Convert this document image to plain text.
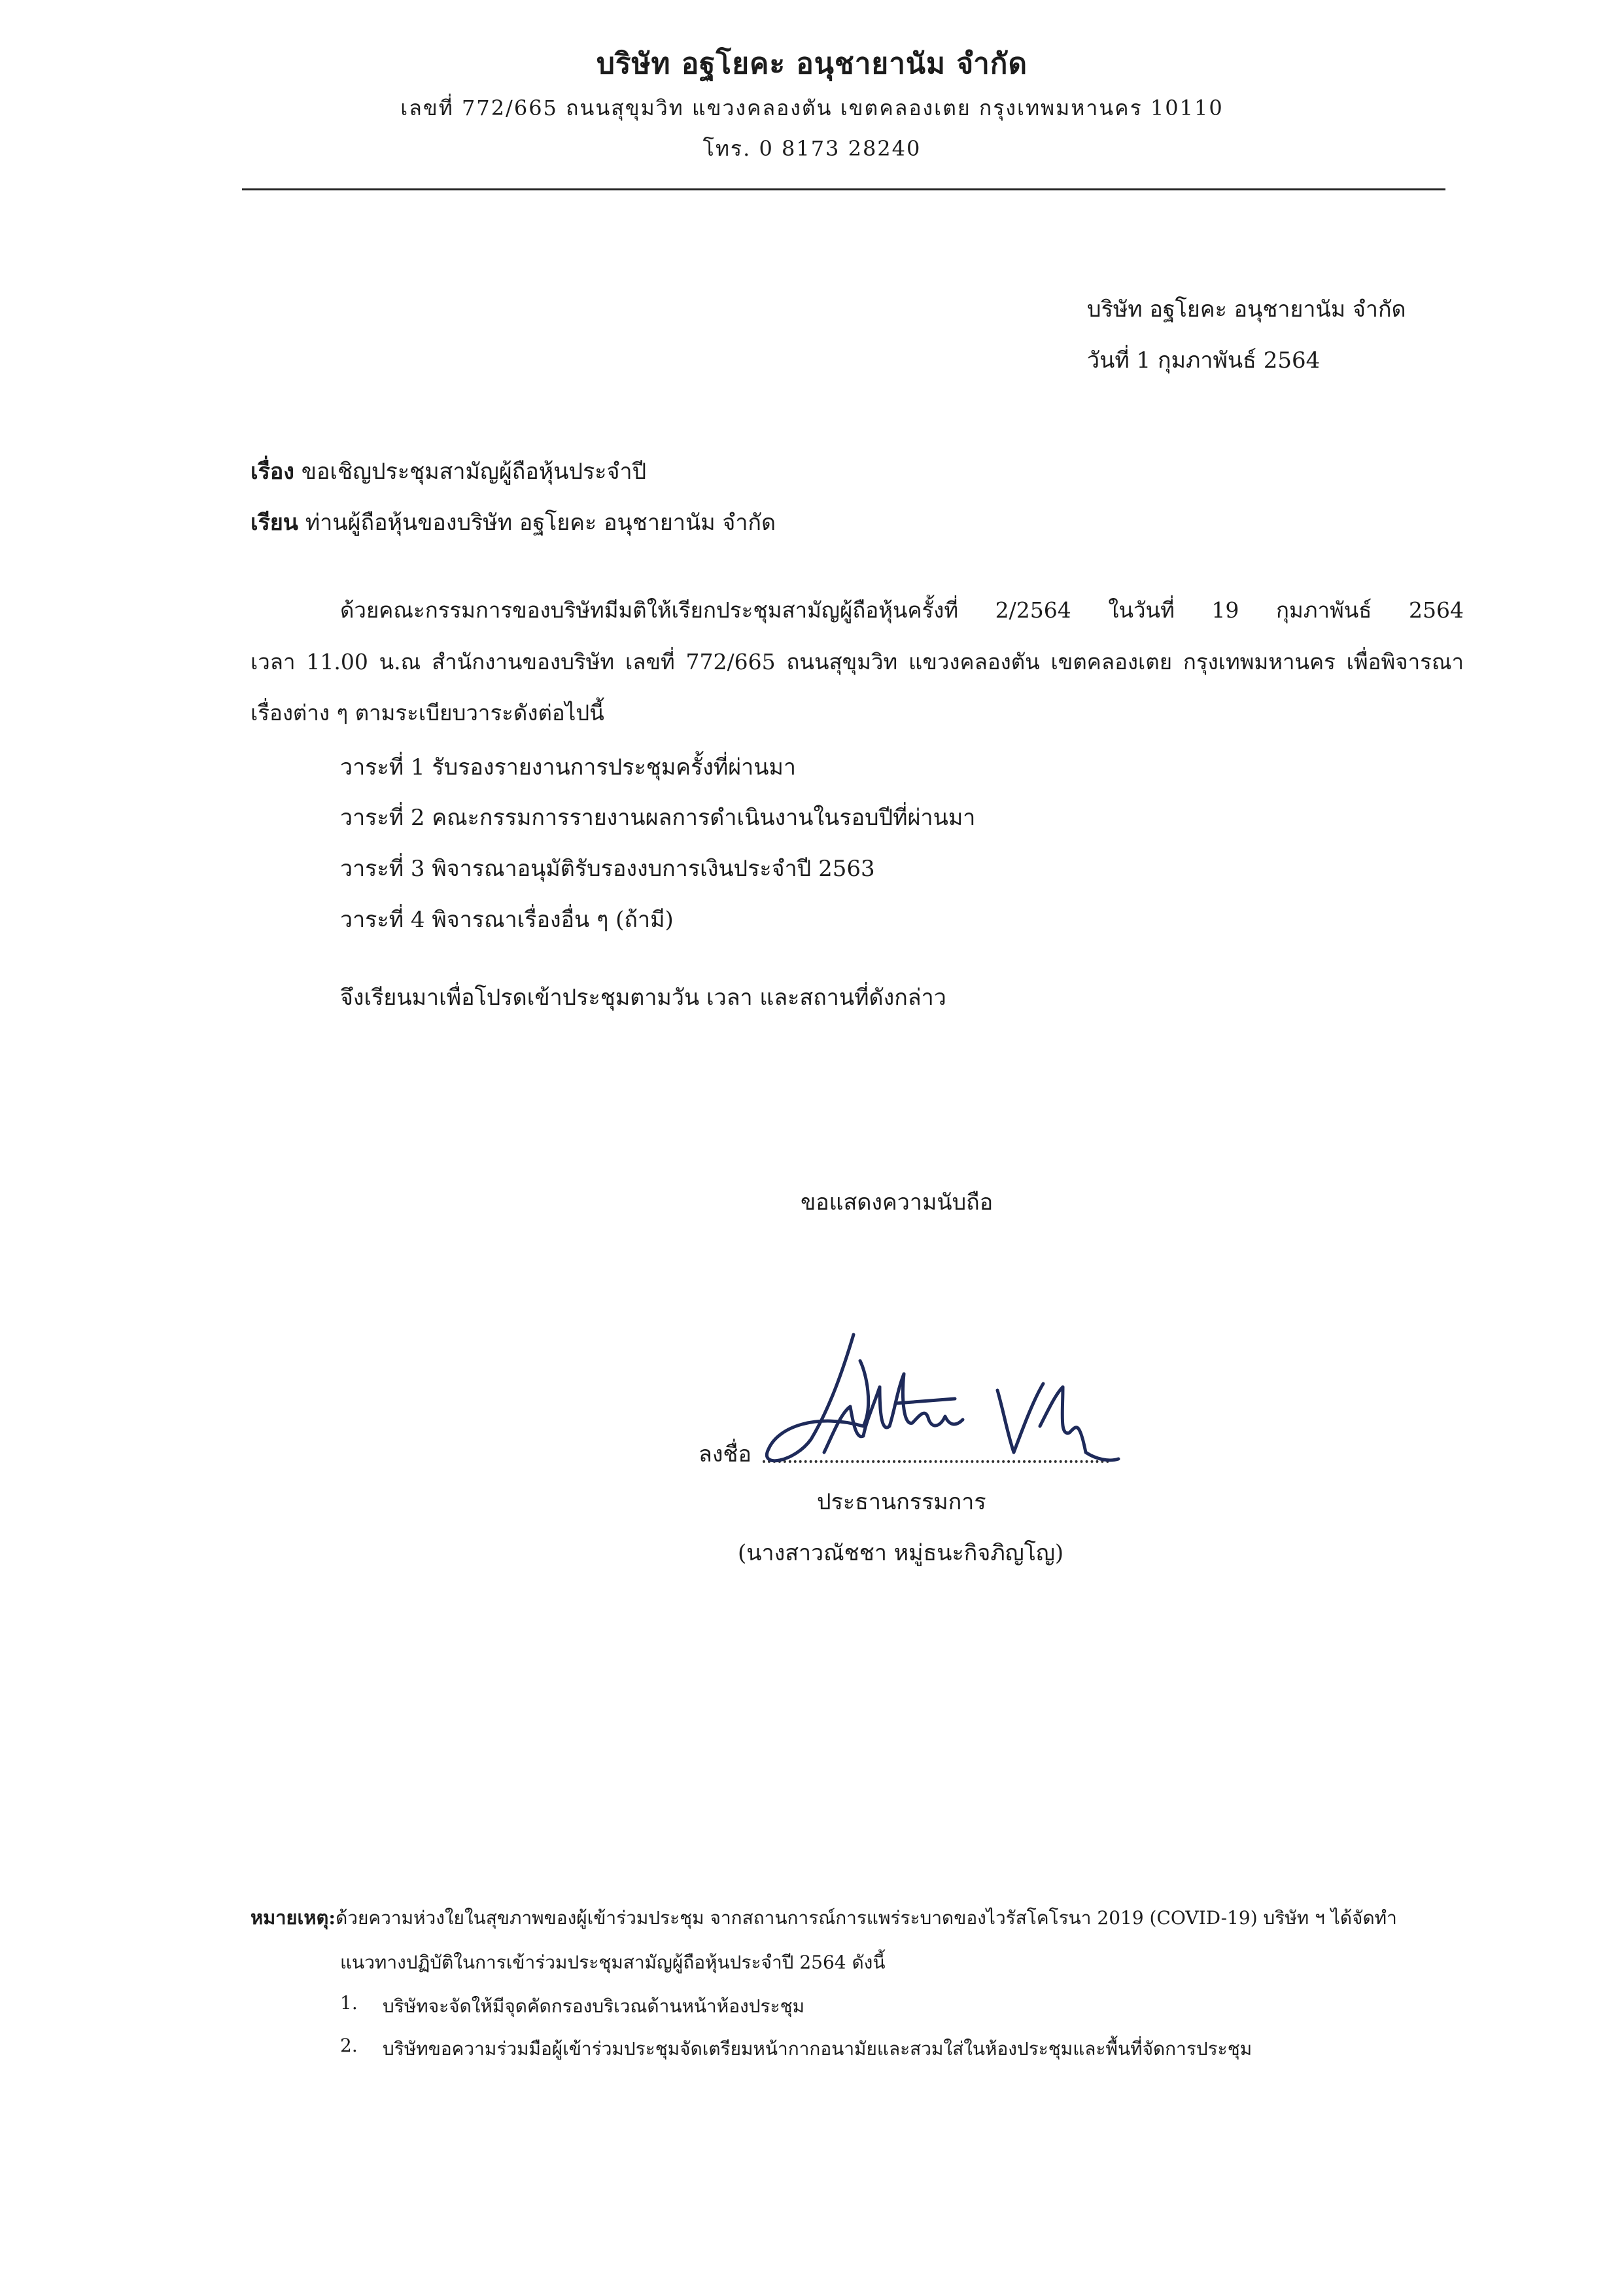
บริษัท อฐโยคะ อนุชายานัม จำกัด
เลขที่ 772/665 ถนนสุขุมวิท แขวงคลองตัน เขตคลองเตย กรุงเทพมหานคร 10110
โทร. 0 8173 28240
บริษัท อฐโยคะ อนุชายานัม จำกัด
วันที่ 1 กุมภาพันธ์ 2564
เรื่อง ขอเชิญประชุมสามัญผู้ถือหุ้นประจำปี
เรียน ท่านผู้ถือหุ้นของบริษัท อฐโยคะ อนุชายานัม จำกัด
ด้วยคณะกรรมการของบริษัทมีมติให้เรียกประชุมสามัญผู้ถือหุ้นครั้งที่ 2/2564 ในวันที่ 19 กุมภาพันธ์ 2564
เวลา 11.00 น.ณ สำนักงานของบริษัท เลขที่ 772/665 ถนนสุขุมวิท แขวงคลองตัน เขตคลองเตย กรุงเทพมหานคร เพื่อพิจารณา
เรื่องต่าง ๆ ตามระเบียบวาระดังต่อไปนี้
วาระที่ 1 รับรองรายงานการประชุมครั้งที่ผ่านมา
วาระที่ 2 คณะกรรมการรายงานผลการดำเนินงานในรอบปีที่ผ่านมา
วาระที่ 3 พิจารณาอนุมัติรับรองงบการเงินประจำปี 2563
วาระที่ 4 พิจารณาเรื่องอื่น ๆ (ถ้ามี)
จึงเรียนมาเพื่อโปรดเข้าประชุมตามวัน เวลา และสถานที่ดังกล่าว
ขอแสดงความนับถือ
ลงชื่อ
ประธานกรรมการ
(นางสาวณัชชา หมู่ธนะกิจภิญโญ)
หมายเหตุ:ด้วยความห่วงใยในสุขภาพของผู้เข้าร่วมประชุม จากสถานการณ์การแพร่ระบาดของไวรัสโคโรนา 2019 (COVID-19) บริษัท ฯ ได้จัดทำ
แนวทางปฏิบัติในการเข้าร่วมประชุมสามัญผู้ถือหุ้นประจำปี 2564 ดังนี้
1. บริษัทจะจัดให้มีจุดคัดกรองบริเวณด้านหน้าห้องประชุม
2. บริษัทขอความร่วมมือผู้เข้าร่วมประชุมจัดเตรียมหน้ากากอนามัยและสวมใส่ในห้องประชุมและพื้นที่จัดการประชุม
